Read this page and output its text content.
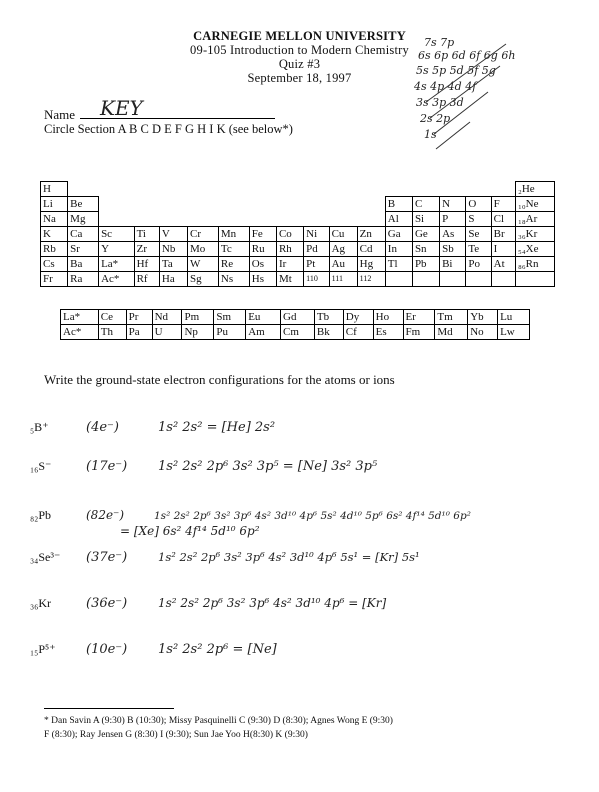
CARNEGIE MELLON UNIVERSITY
09-105 Introduction to Modern Chemistry
Quiz #3
September 18, 1997
7s 7p
6s 6p 6d 6f 6g 6h
5s 5p 5d 5f 5g
4s 4p 4d 4f
3s 3p 3d
2s 2p
1s
Name KEY
Circle Section A B C D E F G H I K (see below*)
H																	₂He
Li	Be											B	C	N	O	F	₁₀Ne
Na	Mg											Al	Si	P	S	Cl	₁₈Ar
K	Ca	Sc	Ti	V	Cr	Mn	Fe	Co	Ni	Cu	Zn	Ga	Ge	As	Se	Br	₃₆Kr
Rb	Sr	Y	Zr	Nb	Mo	Tc	Ru	Rh	Pd	Ag	Cd	In	Sn	Sb	Te	I	₅₄Xe
Cs	Ba	La*	Hf	Ta	W	Re	Os	Ir	Pt	Au	Hg	Tl	Pb	Bi	Po	At	₈₆Rn
Fr	Ra	Ac*	Rf	Ha	Sg	Ns	Hs	Mt	110	111	112						
La*	Ce	Pr	Nd	Pm	Sm	Eu	Gd	Tb	Dy	Ho	Er	Tm	Yb	Lu
Ac*	Th	Pa	U	Np	Pu	Am	Cm	Bk	Cf	Es	Fm	Md	No	Lw
Write the ground-state electron configurations for the atoms or ions
₅B⁺	(4e⁻)	1s² 2s² = [He] 2s²
₁₆S⁻	(17e⁻) 1s² 2s² 2p⁶ 3s² 3p⁵ = [Ne] 3s² 3p⁵
₈₂Pb	(82e⁻)	1s² 2s² 2p⁶ 3s² 3p⁶ 4s² 3d¹⁰ 4p⁶ 5s² 4d¹⁰ 5p⁶ 6s² 4f¹⁴ 5d¹⁰ 6p²
= [Xe] 6s² 4f¹⁴ 5d¹⁰ 6p²
₃₄Se³⁻ (37e⁻)	1s² 2s² 2p⁶ 3s² 3p⁶ 4s² 3d¹⁰ 4p⁶ 5s¹ = [Kr] 5s¹
₃₆Kr	(36e⁻)	1s² 2s² 2p⁶ 3s² 3p⁶ 4s² 3d¹⁰ 4p⁶ = [Kr]
₁₅P⁵⁺ (10e⁻) 1s² 2s² 2p⁶ = [Ne]
* Dan Savin A (9:30) B (10:30); Missy Pasquinelli C (9:30) D (8:30); Agnes Wong E (9:30)
F (8:30); Ray Jensen G (8:30) I (9:30); Sun Jae Yoo H(8:30) K (9:30)
